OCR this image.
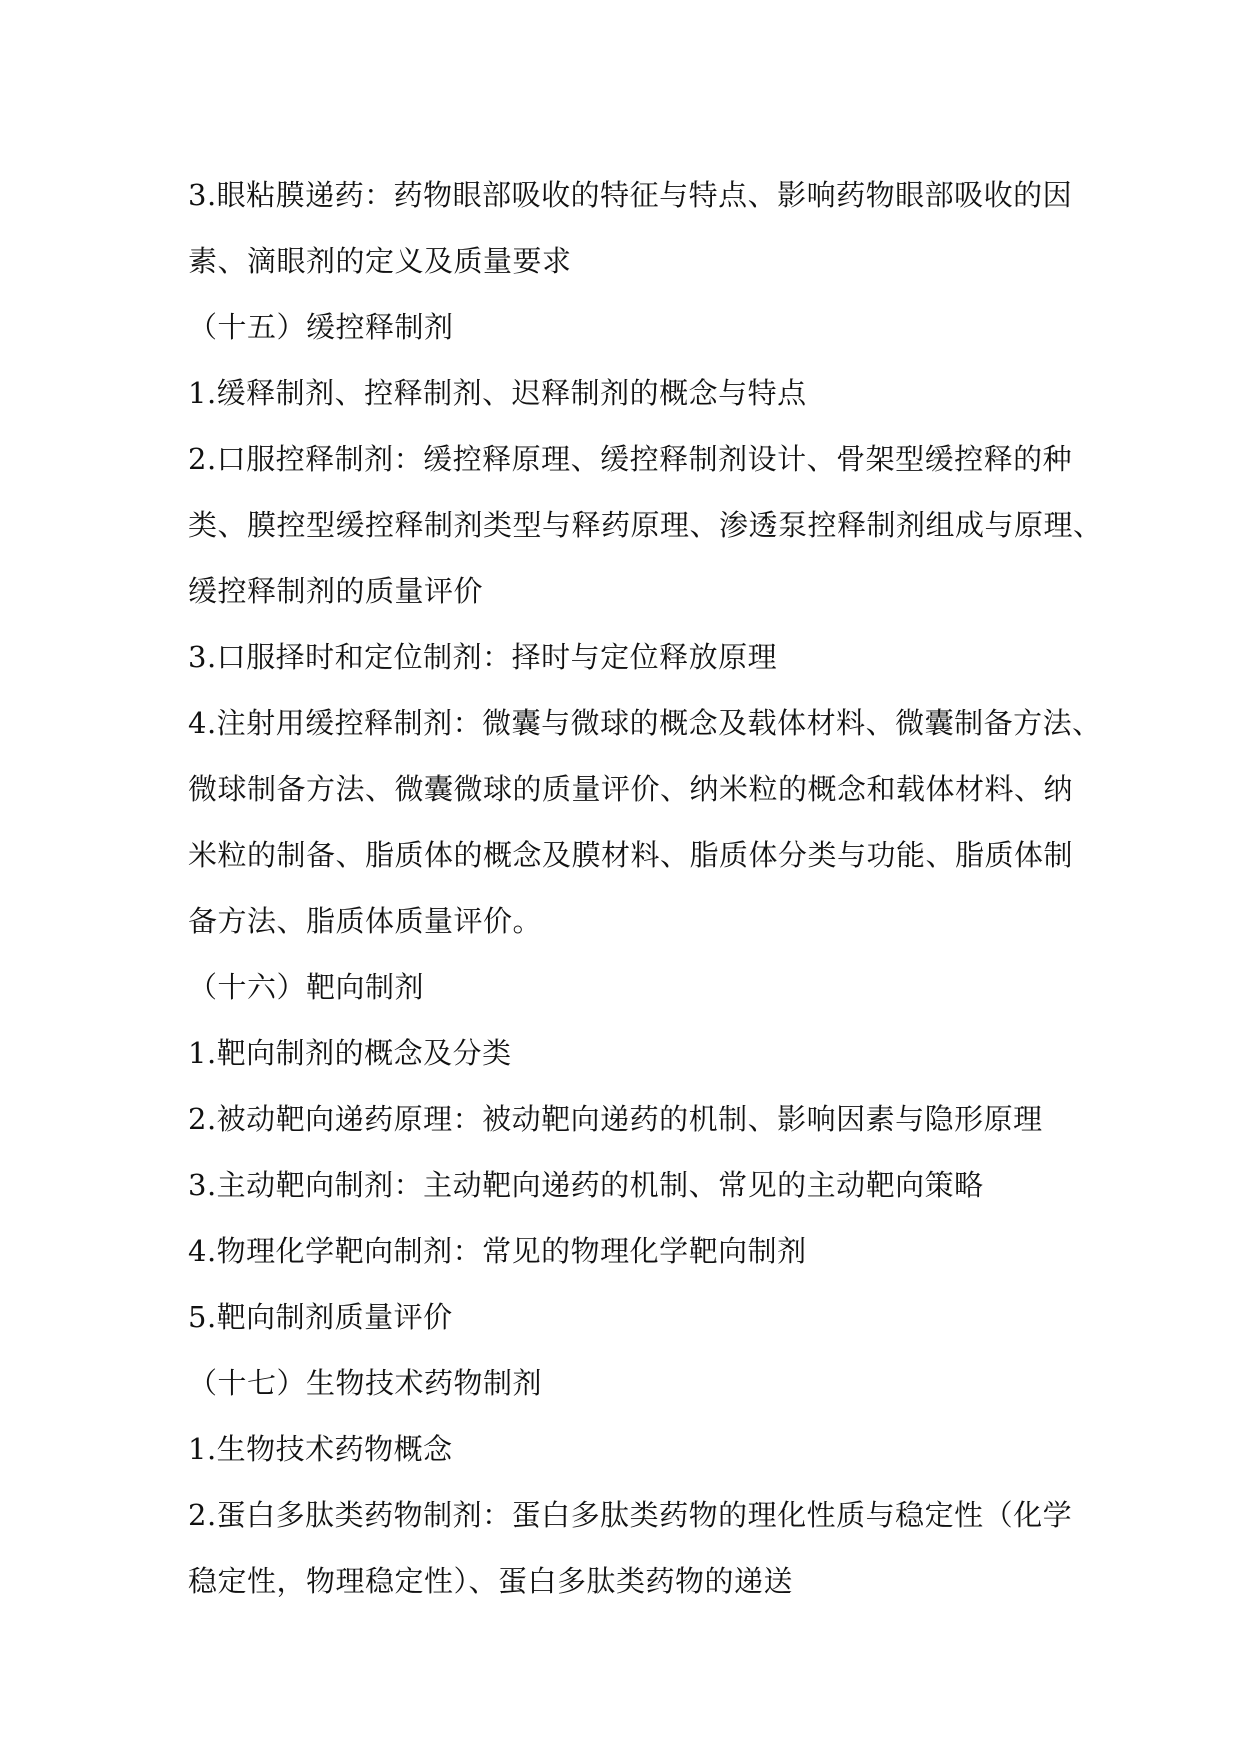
3.眼粘膜递药：药物眼部吸收的特征与特点、影响药物眼部吸收的因
素、滴眼剂的定义及质量要求
（十五）缓控释制剂
1.缓释制剂、控释制剂、迟释制剂的概念与特点
2.口服控释制剂：缓控释原理、缓控释制剂设计、骨架型缓控释的种
类、膜控型缓控释制剂类型与释药原理、渗透泵控释制剂组成与原理、
缓控释制剂的质量评价
3.口服择时和定位制剂：择时与定位释放原理
4.注射用缓控释制剂：微囊与微球的概念及载体材料、微囊制备方法、
微球制备方法、微囊微球的质量评价、纳米粒的概念和载体材料、纳
米粒的制备、脂质体的概念及膜材料、脂质体分类与功能、脂质体制
备方法、脂质体质量评价。
（十六）靶向制剂
1.靶向制剂的概念及分类
2.被动靶向递药原理：被动靶向递药的机制、影响因素与隐形原理
3.主动靶向制剂：主动靶向递药的机制、常见的主动靶向策略
4.物理化学靶向制剂：常见的物理化学靶向制剂
5.靶向制剂质量评价
（十七）生物技术药物制剂
1.生物技术药物概念
2.蛋白多肽类药物制剂：蛋白多肽类药物的理化性质与稳定性（化学
稳定性，物理稳定性）、蛋白多肽类药物的递送
